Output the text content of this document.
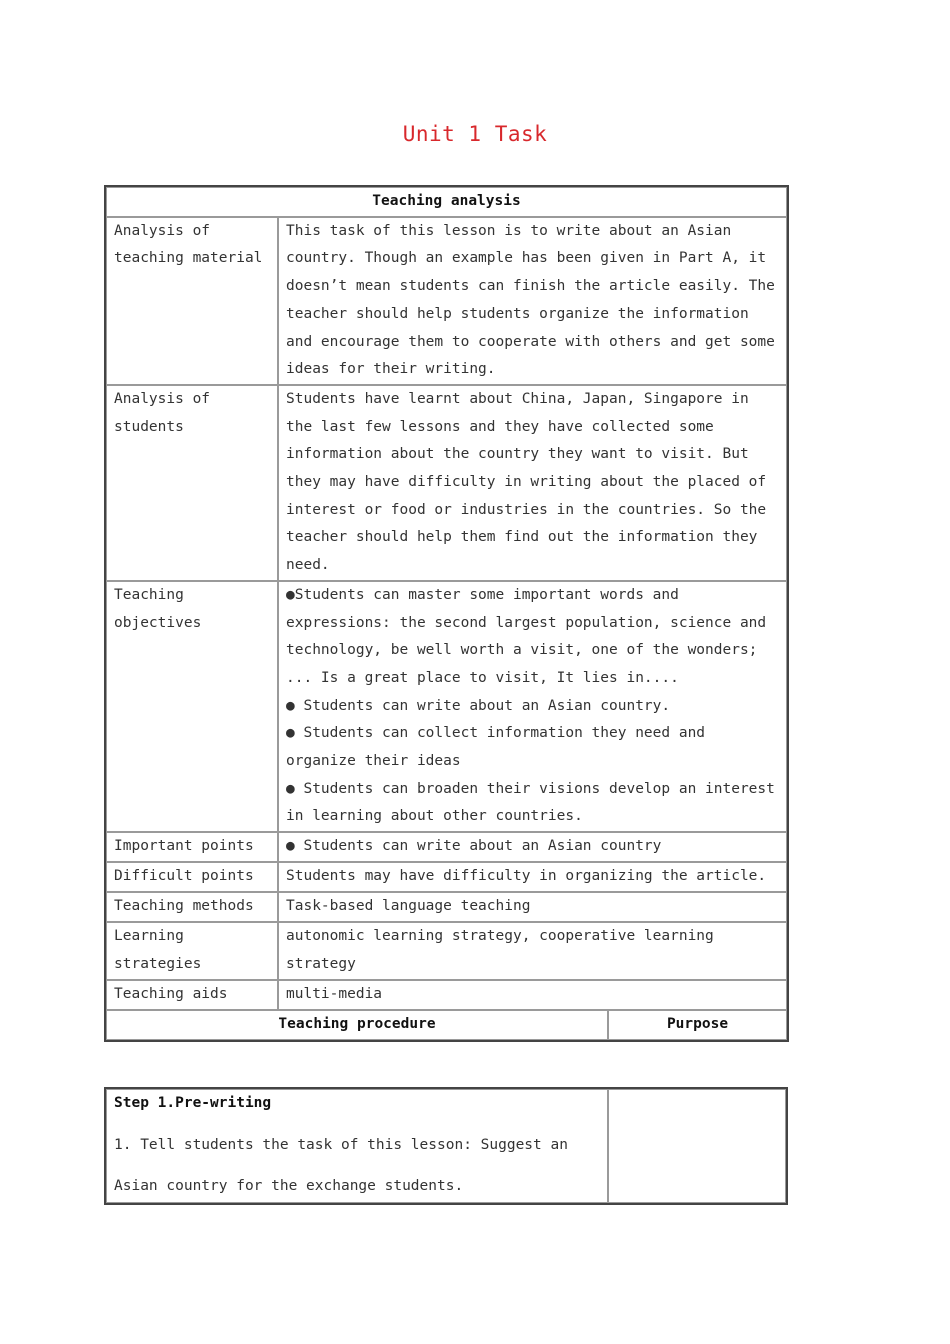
Unit 1 Task
Teaching analysis		
Analysis of teaching material	This task of this lesson is to write about an Asian country. Though an example has been given in Part A, it doesn’t mean students can finish the article easily. The teacher should help students organize the information and encourage them to cooperate with others and get some ideas for their writing.	
Analysis of students	Students have learnt about China, Japan, Singapore in the last few lessons and they have collected some information about the country they want to visit. But they may have difficulty in writing about the placed of interest or food or industries in the countries. So the teacher should help them find out the information they need.	
Teaching objectives	●Students can master some important words and expressions: the second largest population, science and technology, be well worth a visit, one of the wonders; ... Is a great place to visit, It lies in....
● Students can write about an Asian country.
● Students can collect information they need and organize their ideas
● Students can broaden their visions develop an interest in learning about other countries.	

Important points	● Students can write about an Asian country	
Difficult points	Students may have difficulty in organizing the article.	
Teaching methods	Task-based language teaching	
Learning strategies	autonomic learning strategy, cooperative learning strategy	
Teaching aids	multi-media	
Teaching procedure		Purpose
Step 1.Pre-writing
1. Tell students the task of this lesson: Suggest an
Asian country for the exchange students.
